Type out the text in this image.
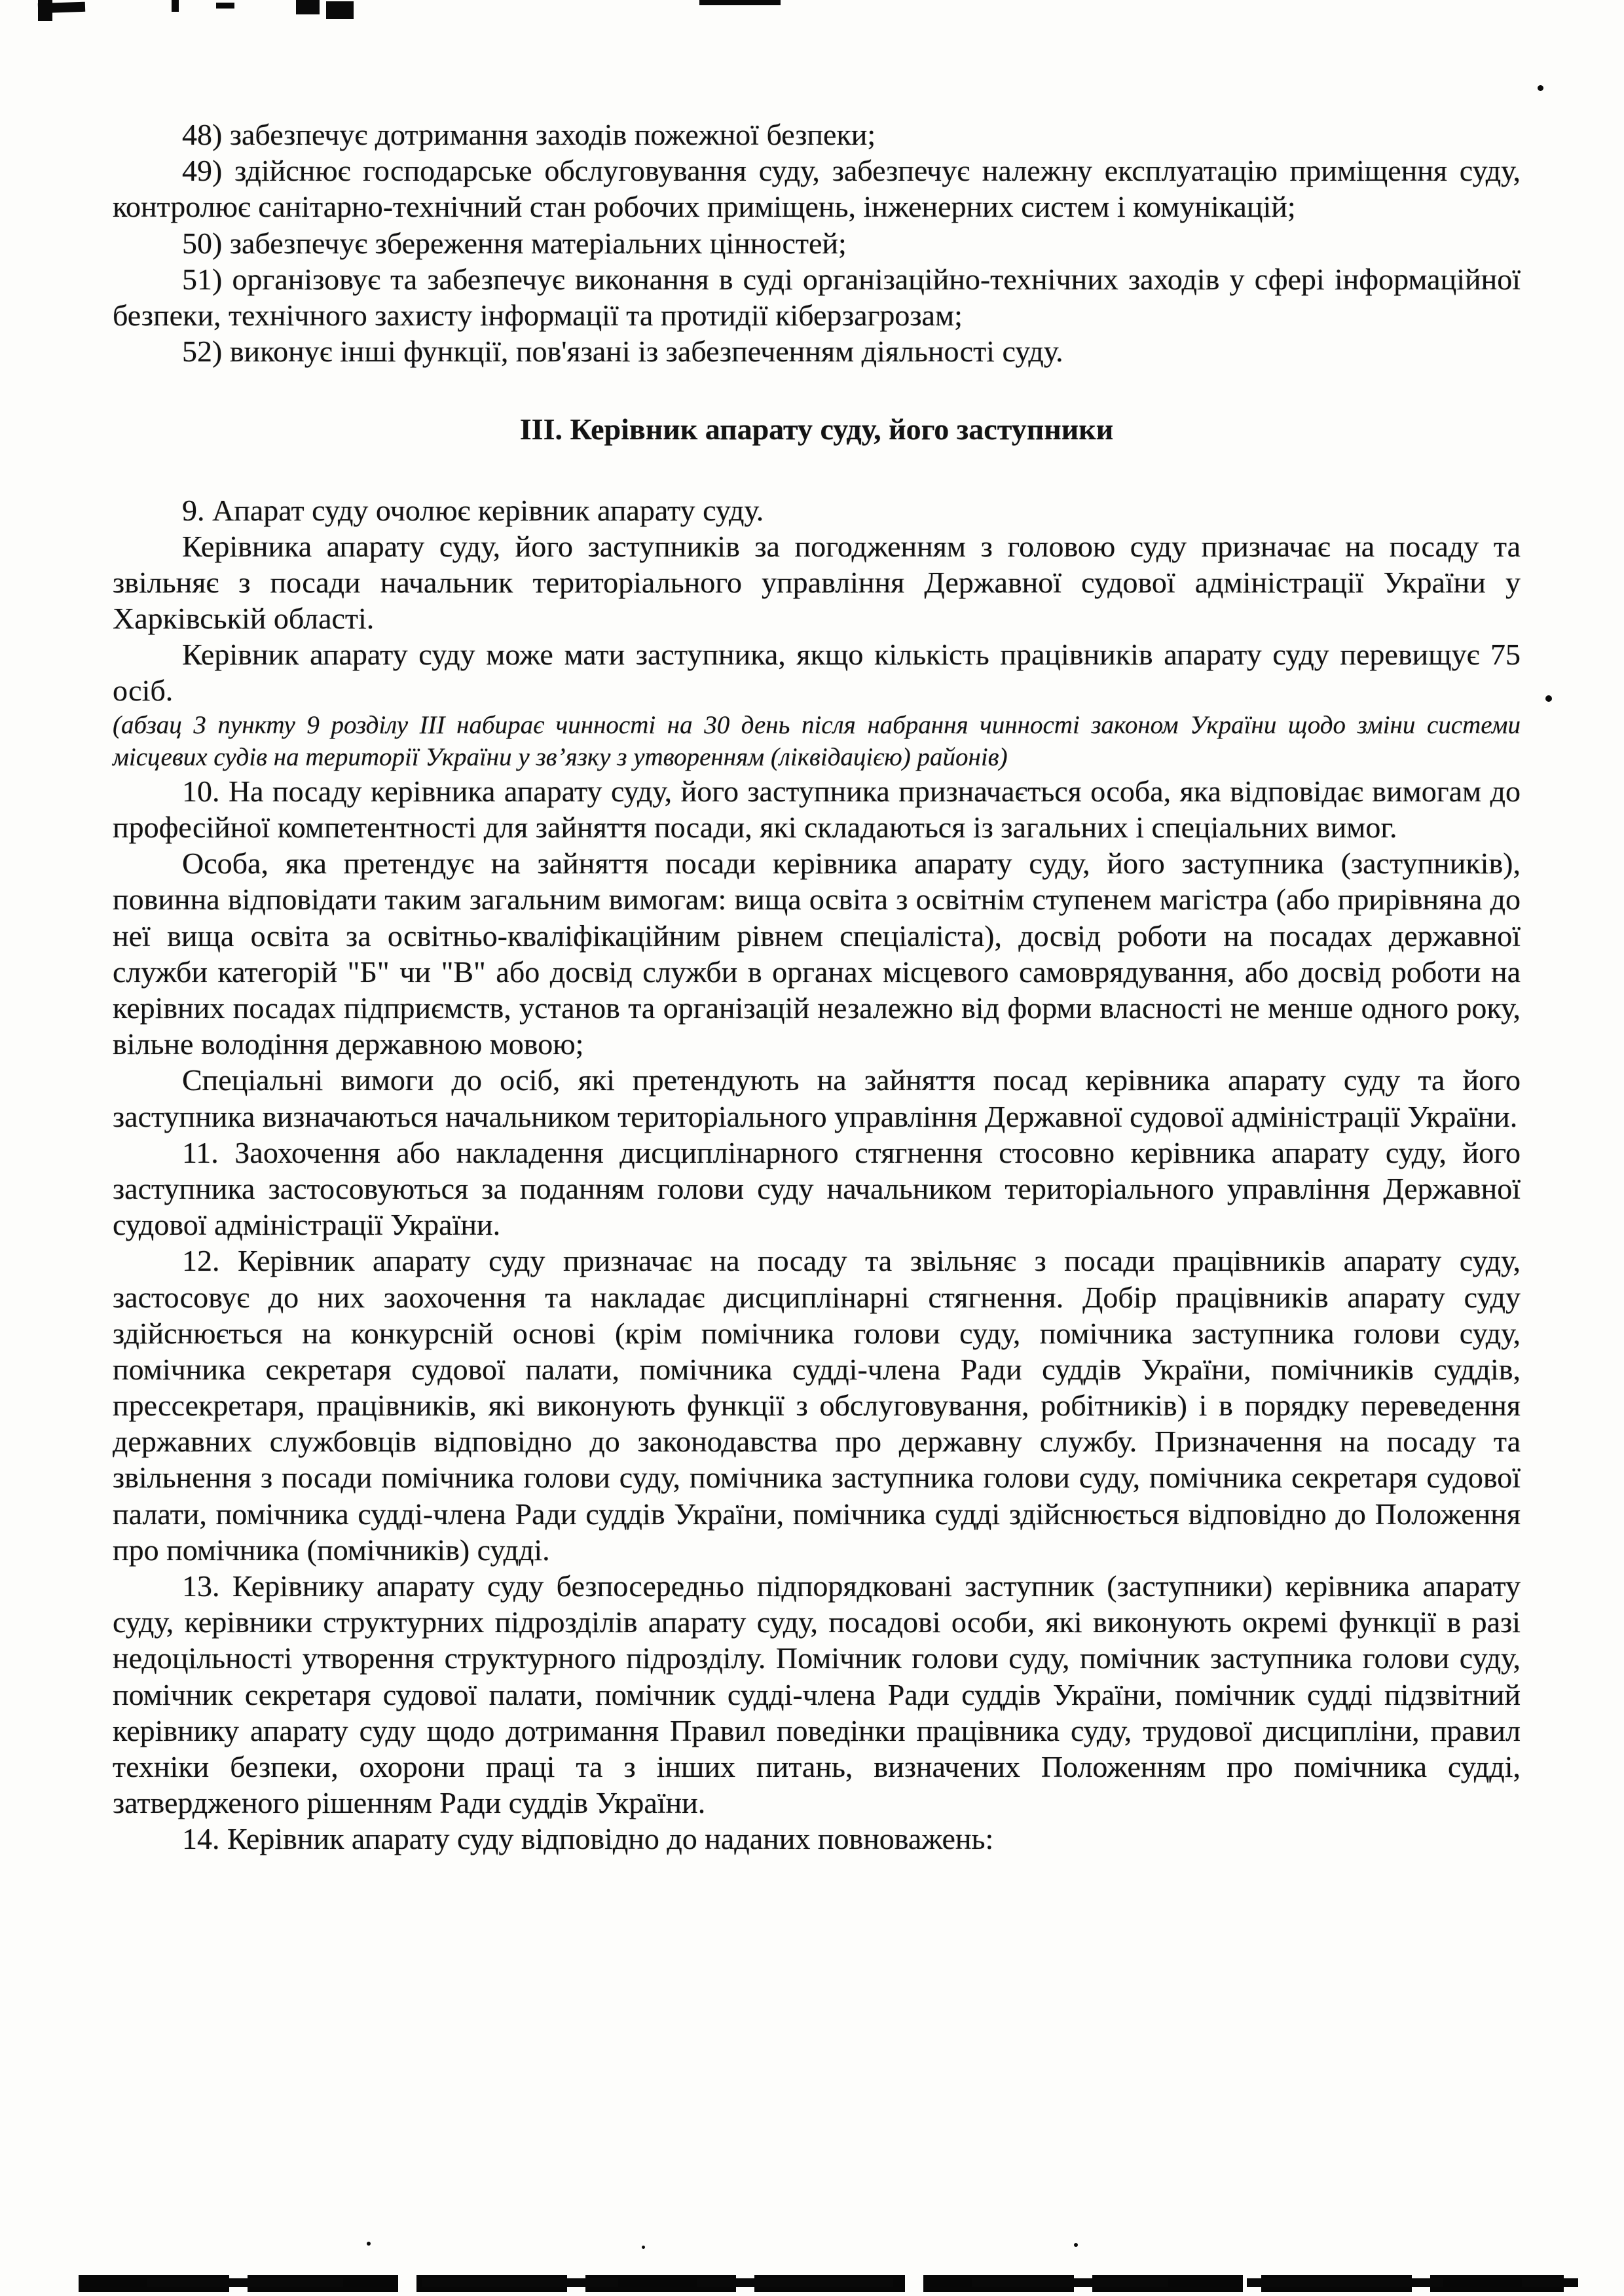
48) забезпечує дотримання заходів пожежної безпеки;

49) здійснює господарське обслуговування суду, забезпечує належну експлуатацію приміщення суду, контролює санітарно-технічний стан робочих приміщень, інженерних систем і комунікацій;

50) забезпечує збереження матеріальних цінностей;

51) організовує та забезпечує виконання в суді організаційно-технічних заходів у сфері інформаційної безпеки, технічного захисту інформації та протидії кіберзагрозам;

52) виконує інші функції, пов'язані із забезпеченням діяльності суду.

III. Керівник апарату суду, його заступники

9. Апарат суду очолює керівник апарату суду.

Керівника апарату суду, його заступників за погодженням з головою суду призначає на посаду та звільняє з посади начальник територіального управління Державної судової адміністрації України у Харківській області.

Керівник апарату суду може мати заступника, якщо кількість працівників апарату суду перевищує 75 осіб.

(абзац 3 пункту 9 розділу III набирає чинності на 30 день після набрання чинності законом України щодо зміни системи місцевих судів на території України у зв’язку з утворенням (ліквідацією) районів)

10. На посаду керівника апарату суду, його заступника призначається особа, яка відповідає вимогам до професійної компетентності для зайняття посади, які складаються із загальних і спеціальних вимог.

Особа, яка претендує на зайняття посади керівника апарату суду, його заступника (заступників), повинна відповідати таким загальним вимогам: вища освіта з освітнім ступенем магістра (або прирівняна до неї вища освіта за освітньо-кваліфікаційним рівнем спеціаліста), досвід роботи на посадах державної служби категорій "Б" чи "В" або досвід служби в органах місцевого самоврядування, або досвід роботи на керівних посадах підприємств, установ та організацій незалежно від форми власності не менше одного року, вільне володіння державною мовою;

Спеціальні вимоги до осіб, які претендують на зайняття посад керівника апарату суду та його заступника визначаються начальником територіального управління Державної судової адміністрації України.

11. Заохочення або накладення дисциплінарного стягнення стосовно керівника апарату суду, його заступника застосовуються за поданням голови суду начальником територіального управління Державної судової адміністрації України.

12. Керівник апарату суду призначає на посаду та звільняє з посади працівників апарату суду, застосовує до них заохочення та накладає дисциплінарні стягнення. Добір працівників апарату суду здійснюється на конкурсній основі (крім помічника голови суду, помічника заступника голови суду, помічника секретаря судової палати, помічника судді-члена Ради суддів України, помічників суддів, прессекретаря, працівників, які виконують функції з обслуговування, робітників) і в порядку переведення державних службовців відповідно до законодавства про державну службу. Призначення на посаду та звільнення з посади помічника голови суду, помічника заступника голови суду, помічника секретаря судової палати, помічника судді-члена Ради суддів України, помічника судді здійснюється відповідно до Положення про помічника (помічників) судді.

13. Керівнику апарату суду безпосередньо підпорядковані заступник (заступники) керівника апарату суду, керівники структурних підрозділів апарату суду, посадові особи, які виконують окремі функції в разі недоцільності утворення структурного підрозділу. Помічник голови суду, помічник заступника голови суду, помічник секретаря судової палати, помічник судді-члена Ради суддів України, помічник судді підзвітний керівнику апарату суду щодо дотримання Правил поведінки працівника суду, трудової дисципліни, правил техніки безпеки, охорони праці та з інших питань, визначених Положенням про помічника судді, затвердженого рішенням Ради суддів України.

14. Керівник апарату суду відповідно до наданих повноважень:
